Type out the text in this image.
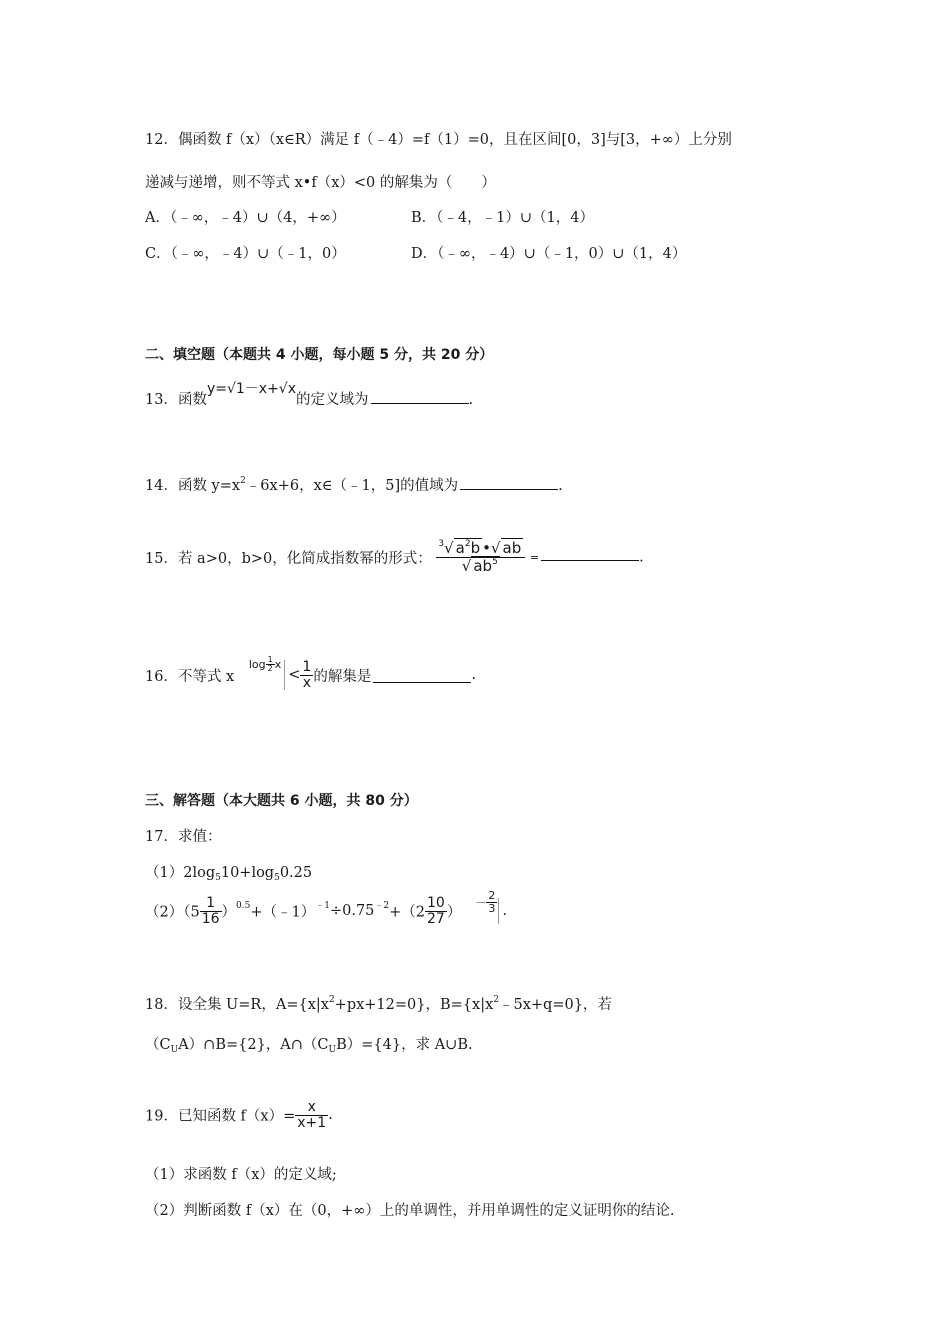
12．偶函数 f（x）（x∈R）满足 f（﹣4）=f（1）=0，且在区间[0，3]与[3，+∞）上分别
递减与递增，则不等式 x•f（x）<0 的解集为（　　）
A．（﹣∞，﹣4）∪（4，+∞）	B．（﹣4，﹣1）∪（1，4）
C．（﹣∞，﹣4）∪（﹣1，0）	D．（﹣∞，﹣4）∪（﹣1，0）∪（1，4）
二、填空题（本题共 4 小题，每小题 5 分，共 20 分）
13．函数y=√1－x+√x的定义域为	.
14．函数 $y=x^2﹣6x+6$，x∈（﹣1，5]的值域为	.
15．若 a>0，b>0，化简成指数幂的形式： $\frac{^3√ a^2b •√ ab}{√ ab^5}$ =	.
16．不等式 x $\log \frac{1}{2} x< \frac{1}{x}$ 的解集是	.
三、解答题（本大题共 6 小题，共 80 分）
17．求值：
$(1)2\log_510+\log_50.25$
$(2)(5 \frac{1}{16}$ ）$^{0.5}+(﹣1)^{﹣1}\div 0.75^{﹣2}+(2 \frac{10}{27}$ ）－ $\frac{2}{3}$ .
18．设全集 U=R，$A=\{x|x^2+px+12=0\}$，$B=\{x|x^2﹣5x+q=0\}$，若
$(C_UA)\cap B=\{2\}$，$A\cap(C_UB)=\{4\}$，求 A∪B.
19．已知函数 $f(x)= \frac{x}{x+1}$ .
（1）求函数 f（x）的定义域;
（2）判断函数 f（x）在（0，+∞）上的单调性，并用单调性的定义证明你的结论.
